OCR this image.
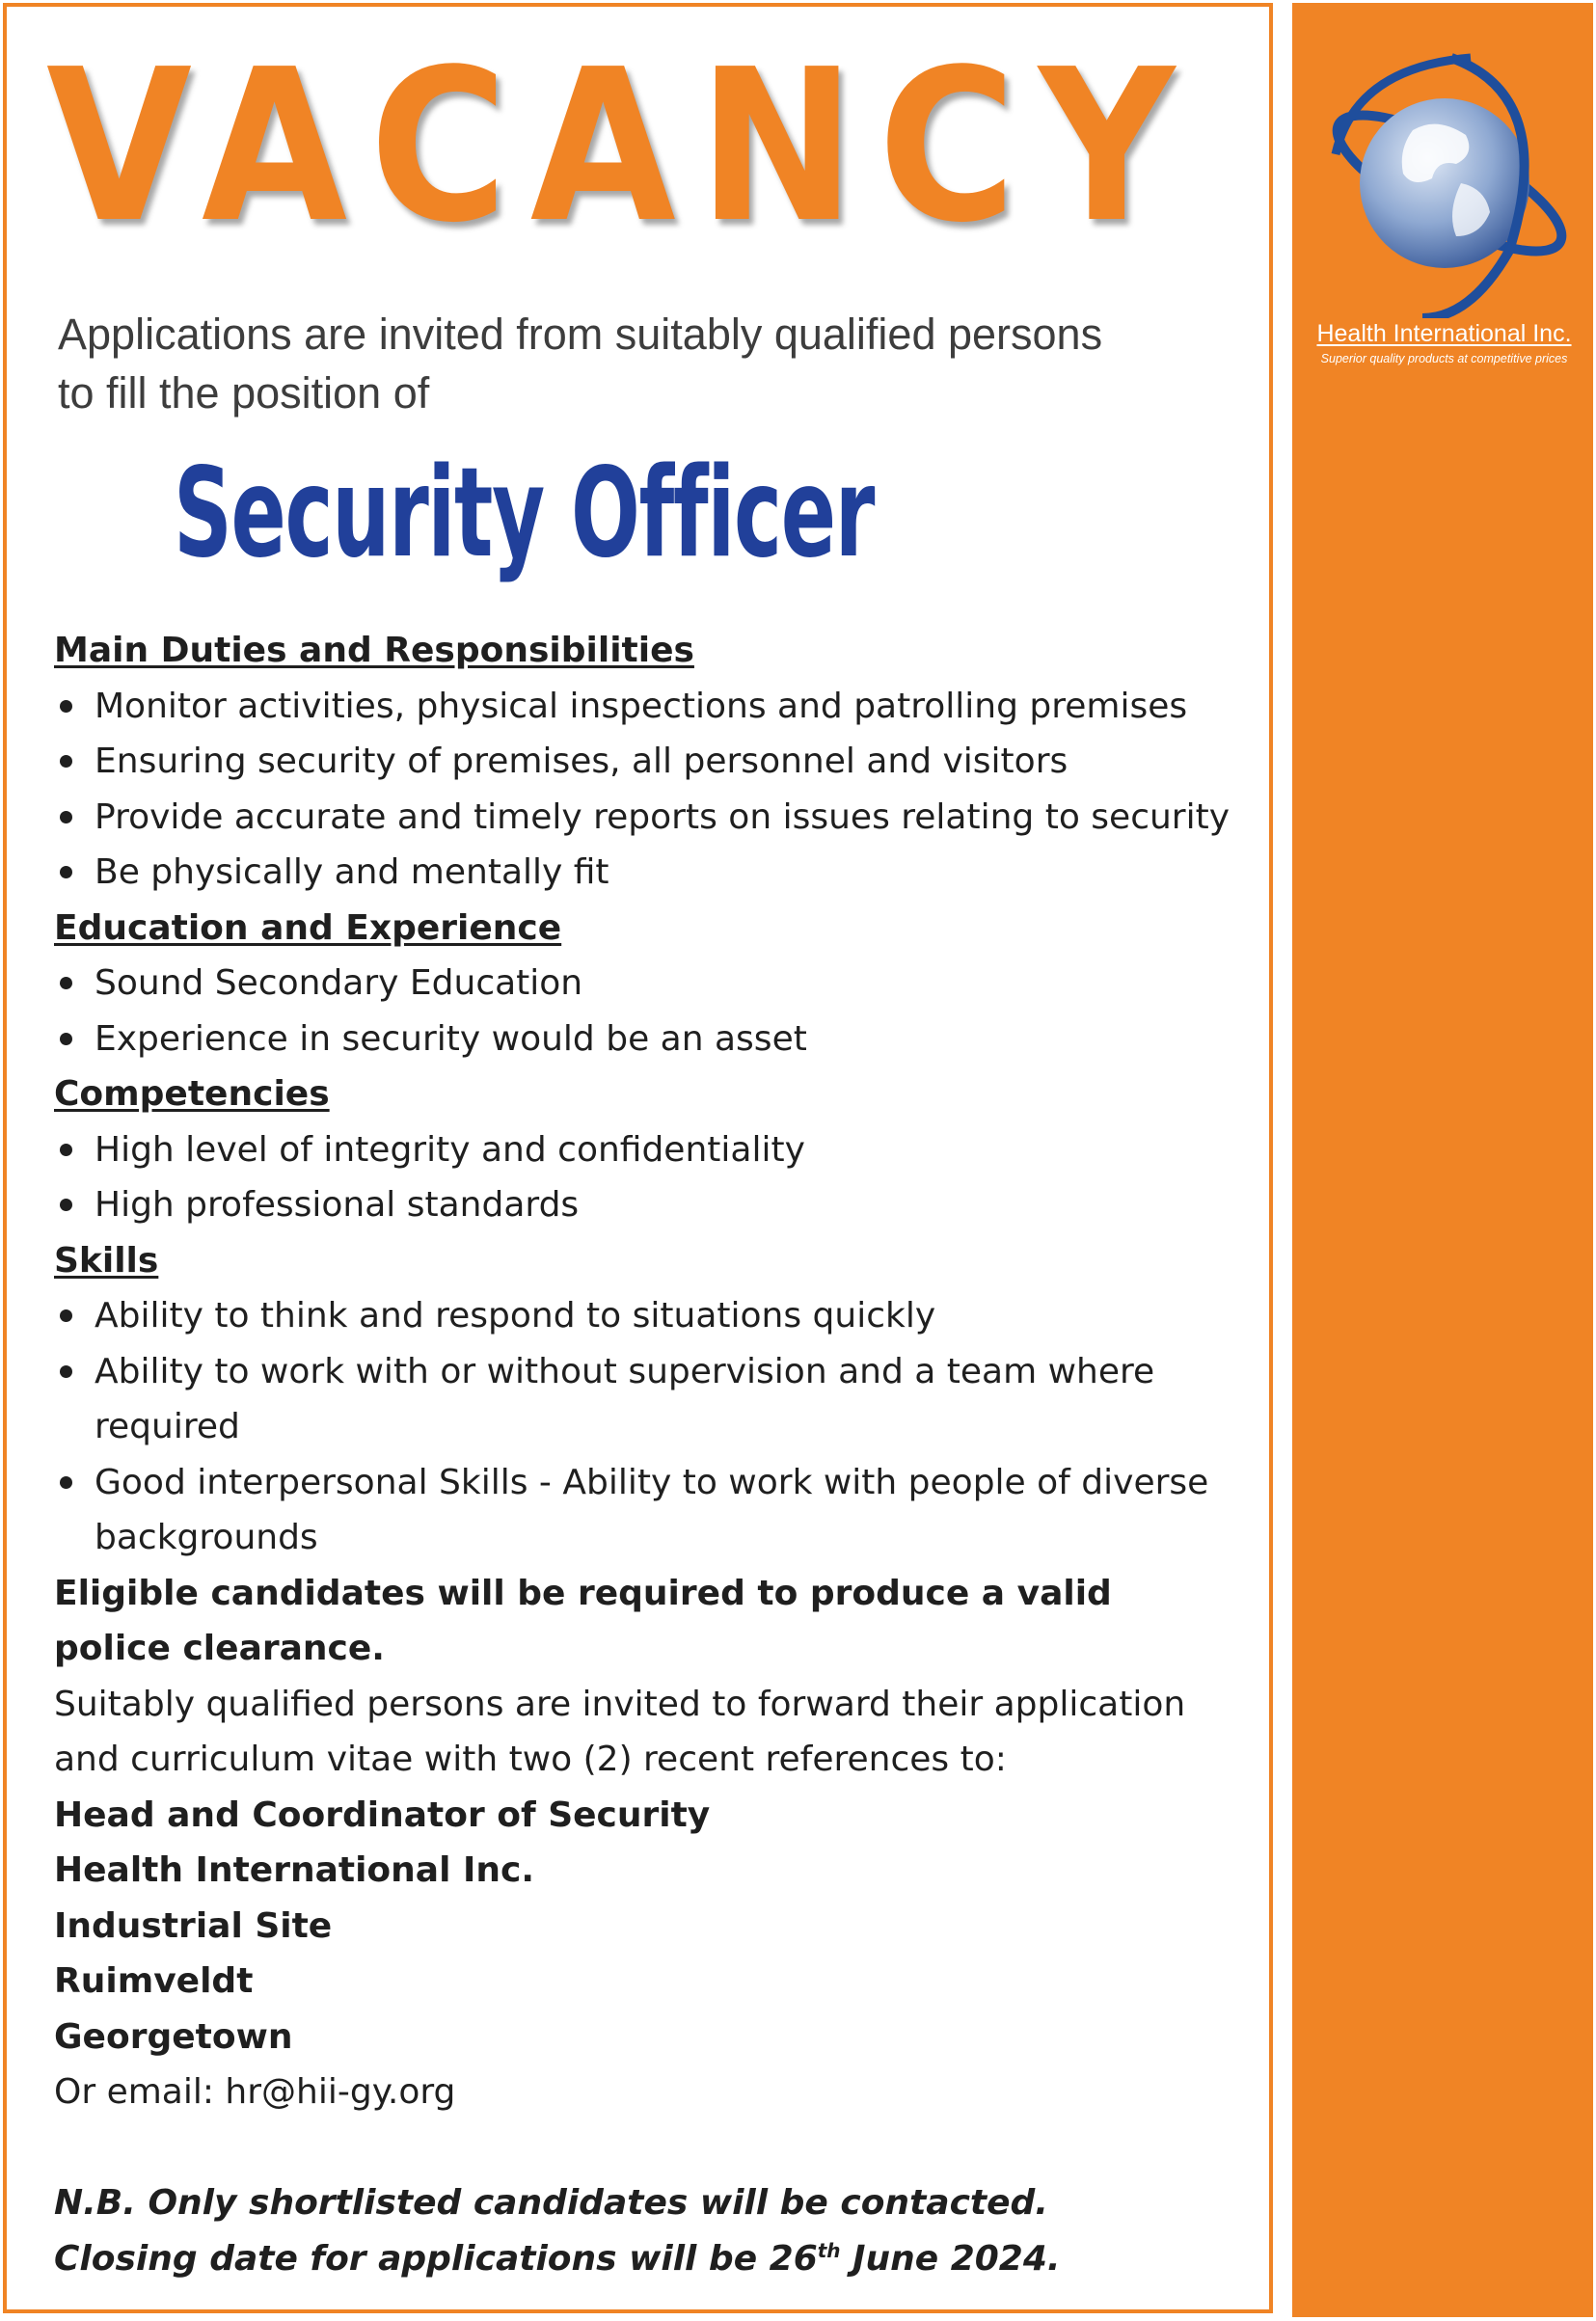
Health International Inc.
Superior quality products at competitive prices
VACANCY
Applications are invited from suitably qualified persons
to fill the position of
Security Officer

Main Duties and Responsibilities

Monitor activities, physical inspections and patrolling premises
Ensuring security of premises, all personnel and visitors
Provide accurate and timely reports on issues relating to security
Be physically and mentally fit

Education and Experience

Sound Secondary Education
Experience in security would be an asset

Competencies

High level of integrity and confidentiality
High professional standards

Skills

Ability to think and respond to situations quickly
Ability to work with or without supervision and a team where required
Good interpersonal Skills - Ability to work with people of diverse backgrounds

Eligible candidates will be required to produce a valid police clearance.

Suitably qualified persons are invited to forward their application and curriculum vitae with two (2) recent references to:

Head and Coordinator of Security

Health International Inc.

Industrial Site

Ruimveldt

Georgetown

Or email: hr@hii-gy.org

N.B. Only shortlisted candidates will be contacted.

Closing date for applications will be 26th June 2024.
